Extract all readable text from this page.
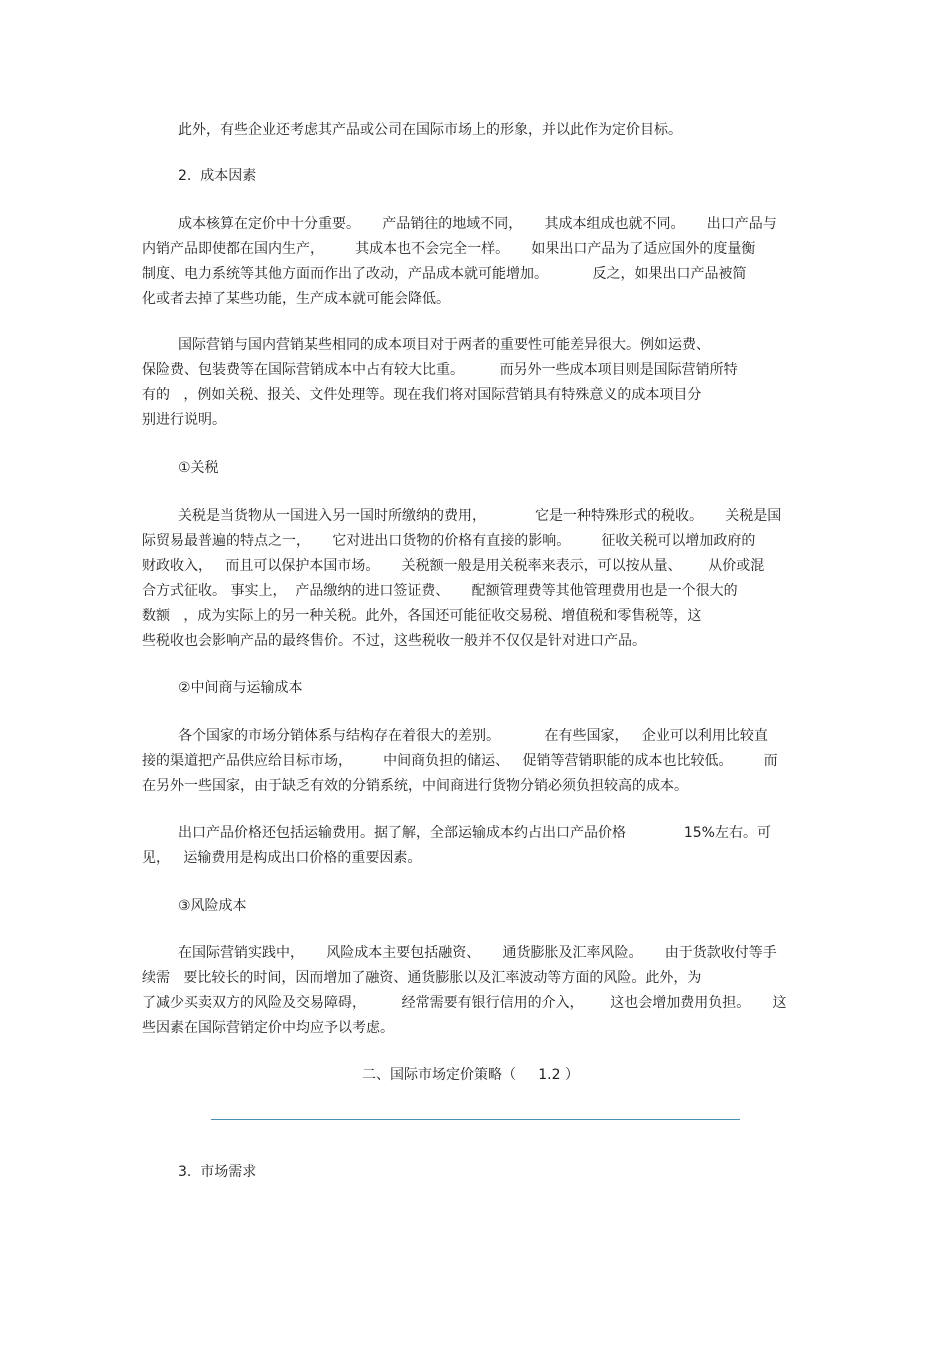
此外，有些企业还考虑其产品或公司在国际市场上的形象，并以此作为定价目标。
2.  成本因素
成本核算在定价中十分重要。     产品销往的地域不同，     其成本组成也就不同。     出口产品与
内销产品即使都在国内生产，       其成本也不会完全一样。     如果出口产品为了适应国外的度量衡
制度、电力系统等其他方面而作出了改动，产品成本就可能增加。          反之，如果出口产品被简
化或者去掉了某些功能，生产成本就可能会降低。
国际营销与国内营销某些相同的成本项目对于两者的重要性可能差异很大。例如运费、
保险费、包装费等在国际营销成本中占有较大比重。        而另外一些成本项目则是国际营销所特
有的   ，例如关税、报关、文件处理等。现在我们将对国际营销具有特殊意义的成本项目分
别进行说明。
①关税
关税是当货物从一国进入另一国时所缴纳的费用，           它是一种特殊形式的税收。     关税是国
际贸易最普遍的特点之一，     它对进出口货物的价格有直接的影响。       征收关税可以增加政府的
财政收入，   而且可以保护本国市场。     关税额一般是用关税率来表示，可以按从量、      从价或混
合方式征收。 事实上，  产品缴纳的进口签证费、     配额管理费等其他管理费用也是一个很大的
数额   ，成为实际上的另一种关税。此外，各国还可能征收交易税、增值税和零售税等，这
些税收也会影响产品的最终售价。不过，这些税收一般并不仅仅是针对进口产品。
②中间商与运输成本
各个国家的市场分销体系与结构存在着很大的差别。          在有些国家，   企业可以利用比较直
接的渠道把产品供应给目标市场，       中间商负担的储运、   促销等营销职能的成本也比较低。       而
在另外一些国家，由于缺乏有效的分销系统，中间商进行货物分销必须负担较高的成本。
出口产品价格还包括运输费用。据了解，全部运输成本约占出口产品价格             15%左右。可
见，   运输费用是构成出口价格的重要因素。
③风险成本
在国际营销实践中，     风险成本主要包括融资、     通货膨胀及汇率风险。     由于货款收付等手
续需   要比较长的时间，因而增加了融资、通货膨胀以及汇率波动等方面的风险。此外，为
了减少买卖双方的风险及交易障碍，        经常需要有银行信用的介入，      这也会增加费用负担。     这
些因素在国际营销定价中均应予以考虑。
二、国际市场定价策略（     1.2 ）
3.  市场需求
